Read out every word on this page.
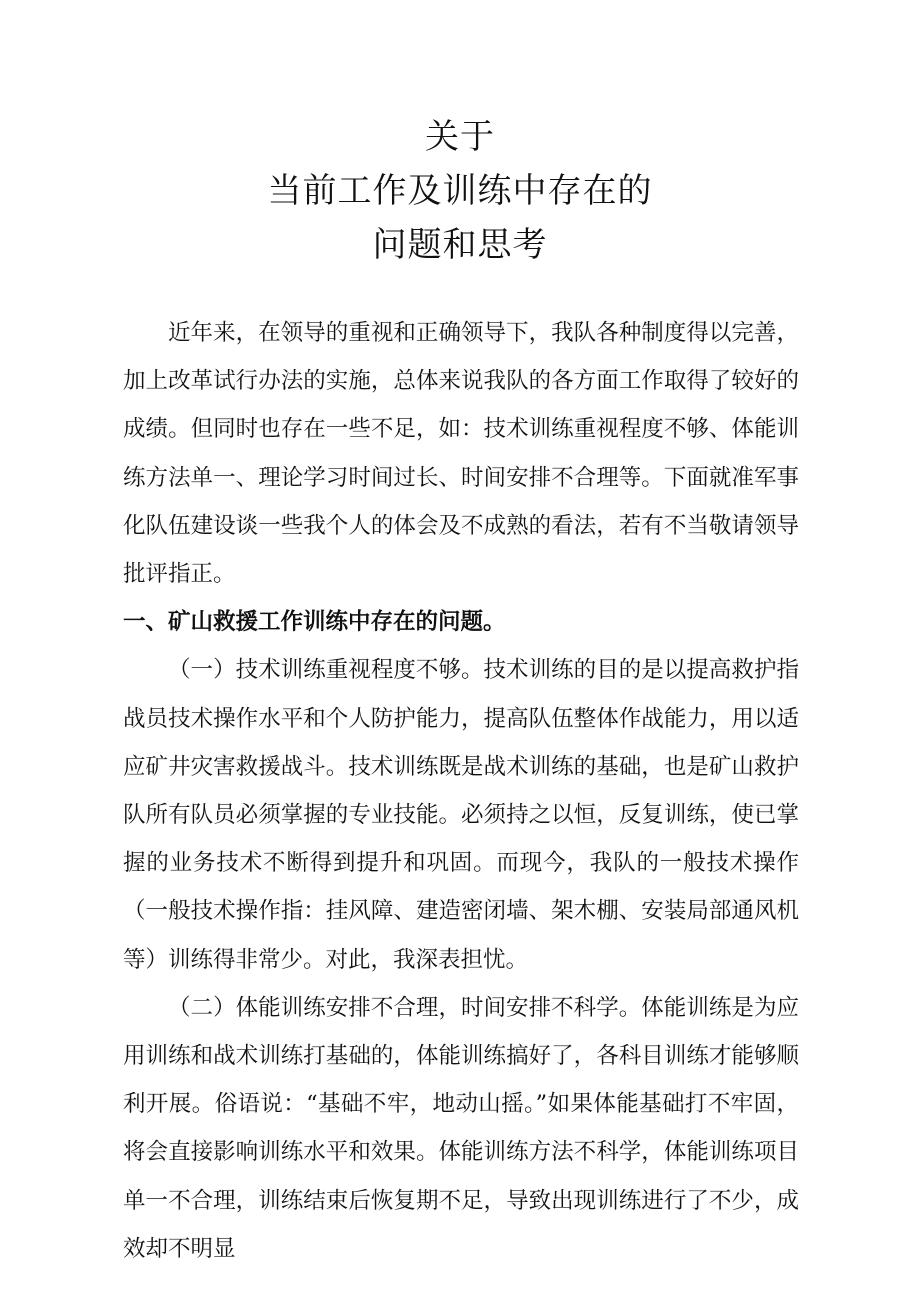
关于
当前工作及训练中存在的
问题和思考

近年来，在领导的重视和正确领导下，我队各种制度得以完善，加上改革试行办法的实施，总体来说我队的各方面工作取得了较好的成绩。但同时也存在一些不足，如：技术训练重视程度不够、体能训练方法单一、理论学习时间过长、时间安排不合理等。下面就准军事化队伍建设谈一些我个人的体会及不成熟的看法，若有不当敬请领导批评指正。

一、矿山救援工作训练中存在的问题。

（一）技术训练重视程度不够。技术训练的目的是以提高救护指战员技术操作水平和个人防护能力，提高队伍整体作战能力，用以适应矿井灾害救援战斗。技术训练既是战术训练的基础，也是矿山救护队所有队员必须掌握的专业技能。必须持之以恒，反复训练，使已掌握的业务技术不断得到提升和巩固。而现今，我队的一般技术操作（一般技术操作指：挂风障、建造密闭墙、架木棚、安装局部通风机等）训练得非常少。对此，我深表担忧。

（二）体能训练安排不合理，时间安排不科学。体能训练是为应用训练和战术训练打基础的，体能训练搞好了，各科目训练才能够顺利开展。俗语说：“基础不牢，地动山摇。”如果体能基础打不牢固，将会直接影响训练水平和效果。体能训练方法不科学，体能训练项目单一不合理，训练结束后恢复期不足，导致出现训练进行了不少，成效却不明显
